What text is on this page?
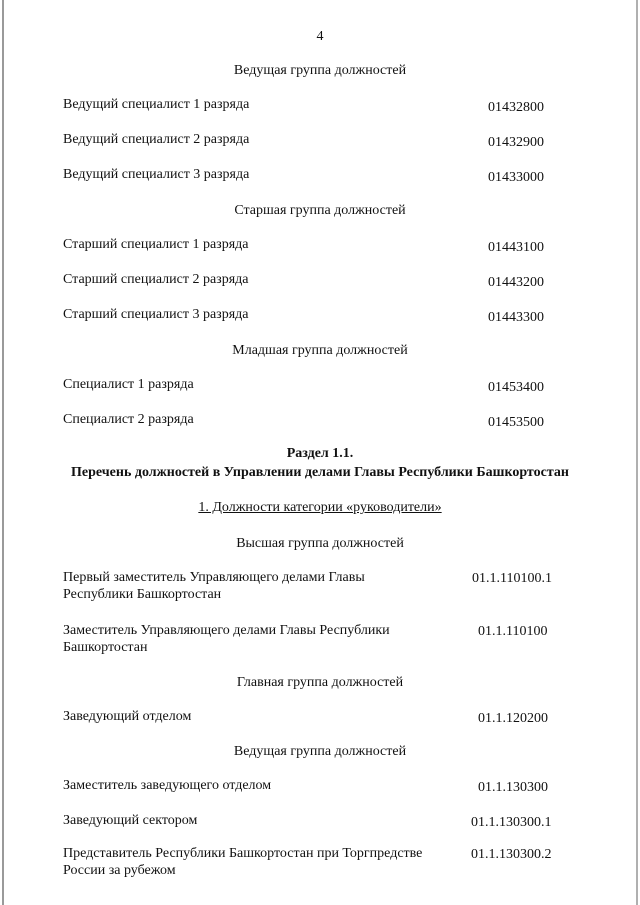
4
Ведущая группа должностей
Ведущий специалист 1 разряда	01432800
Ведущий специалист 2 разряда	01432900
Ведущий специалист 3 разряда	01433000
Старшая группа должностей
Старший специалист 1 разряда	01443100
Старший специалист 2 разряда	01443200
Старший специалист 3 разряда	01443300
Младшая группа должностей
Специалист 1 разряда	01453400
Специалист 2 разряда	01453500
Раздел 1.1.
Перечень должностей в Управлении делами Главы Республики Башкортостан
1. Должности категории «руководители»
Высшая группа должностей
Первый заместитель Управляющего делами Главы Республики Башкортостан
01.1.110100.1
Заместитель Управляющего делами Главы Республики Башкортостан
01.1.110100
Главная группа должностей
Заведующий отделом	01.1.120200
Ведущая группа должностей
Заместитель заведующего отделом	01.1.130300
Заведующий сектором	01.1.130300.1
Представитель Республики Башкортостан при Торгпредстве России за рубежом
01.1.130300.2
